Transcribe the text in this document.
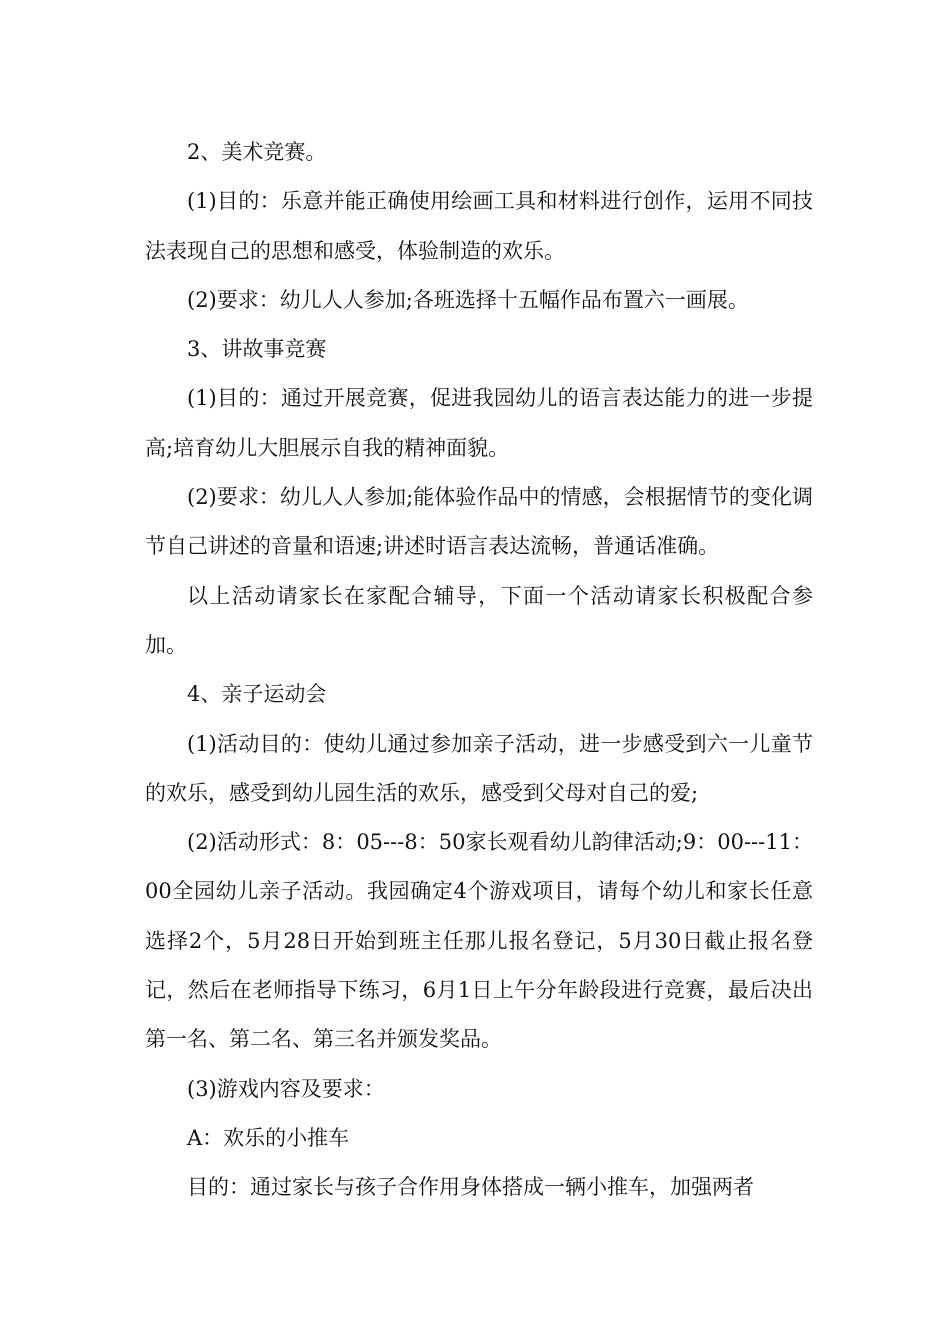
2、美术竞赛。

(1)目的：乐意并能正确使用绘画工具和材料进行创作，运用不同技法表现自己的思想和感受，体验制造的欢乐。

(2)要求：幼儿人人参加;各班选择十五幅作品布置六一画展。

3、讲故事竞赛

(1)目的：通过开展竞赛，促进我园幼儿的语言表达能力的进一步提高;培育幼儿大胆展示自我的精神面貌。

(2)要求：幼儿人人参加;能体验作品中的情感，会根据情节的变化调节自己讲述的音量和语速;讲述时语言表达流畅，普通话准确。

以上活动请家长在家配合辅导，下面一个活动请家长积极配合参加。

4、亲子运动会

(1)活动目的：使幼儿通过参加亲子活动，进一步感受到六一儿童节的欢乐，感受到幼儿园生活的欢乐，感受到父母对自己的爱;

(2)活动形式：8：05---8：50家长观看幼儿韵律活动;9：00---11：00全园幼儿亲子活动。我园确定4个游戏项目，请每个幼儿和家长任意选择2个，5月28日开始到班主任那儿报名登记，5月30日截止报名登记，然后在老师指导下练习，6月1日上午分年龄段进行竞赛，最后决出第一名、第二名、第三名并颁发奖品。

(3)游戏内容及要求：

A：欢乐的小推车

目的：通过家长与孩子合作用身体搭成一辆小推车，加强两者
